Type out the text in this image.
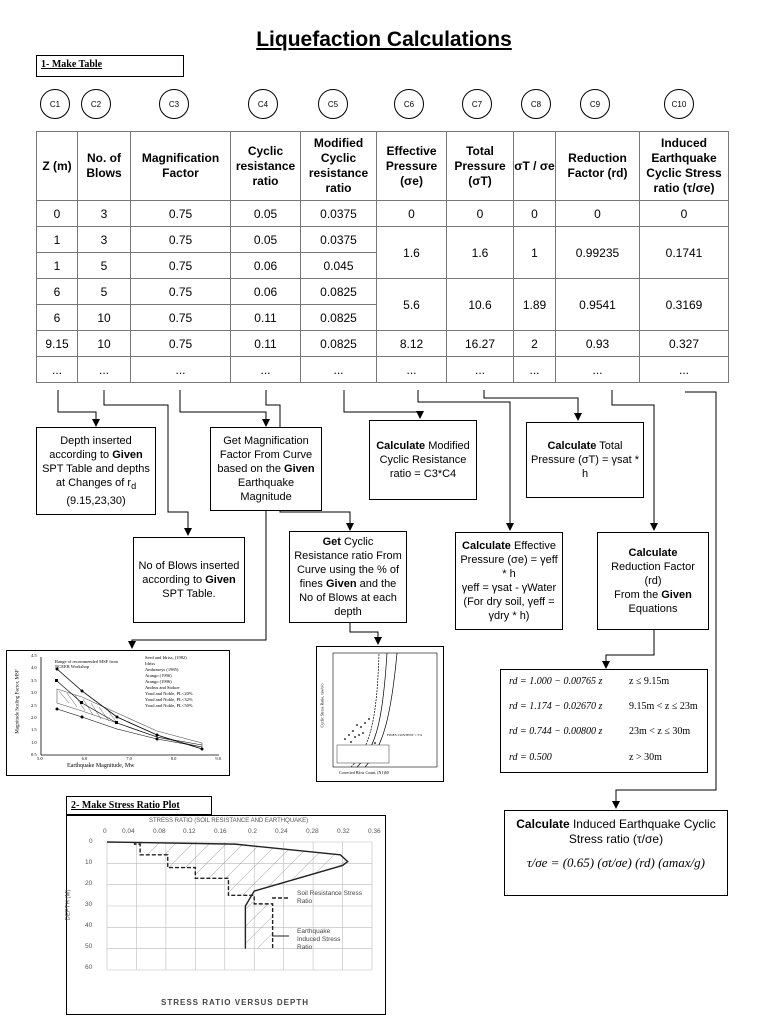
Liquefaction Calculations
1- Make Table
C1	C2	C3	C4	C5	C6	C7	C8	C9	C10
Z (m)	No. of Blows	Magnification Factor	Cyclic resistance ratio	Modified Cyclic resistance ratio	Effective Pressure (σe)	Total Pressure (σT)	σT / σe	Reduction Factor (rd)	Induced Earthquake Cyclic Stress ratio (τ/σe)
0	3	0.75	0.05	0.0375	0	0	0	0	0
1	3	0.75	0.05	0.0375	1.6	1.6	1	0.99235	0.1741
1	5	0.75	0.06	0.045					
6	5	0.75	0.06	0.0825	5.6	10.6	1.89	0.9541	0.3169
6	10	0.75	0.11	0.0825					
9.15	10	0.75	0.11	0.0825	8.12	16.27	2	0.93	0.327
...	...	...	...	...	...	...	...	...	...
Depth inserted according to Given SPT Table and depths at Changes of $r_d$ (9.15,23,30)
No of Blows inserted according to Given SPT Table.
Get Magnification Factor From Curve based on the Given Earthquake Magnitude
Get Cyclic Resistance ratio From Curve using the % of fines Given and the No of Blows at each depth
Calculate Modified Cyclic Resistance ratio = C3*C4
Calculate Effective Pressure (σe) = γeff * h
γeff = γsat - γWater
(For dry soil, γeff = γdry * h)
Calculate Total Pressure (σT) = γsat * h
Calculate
Reduction Factor (rd)
From the Given Equations
rd = 1.000 − 0.00765 z	z ≤ 9.15m
rd = 1.174 − 0.02670 z	9.15m < z ≤ 23m
rd = 0.744 − 0.00800 z	23m < z ≤ 30m
rd = 0.500	z > 30m
Calculate Induced Earthquake Cyclic Stress ratio (τ/σe)
τ/σe = (0.65) (σt/σe) (rd) (amax/g)
Magnitude Scaling Factor, MSF
Earthquake Magnitude, Mw
Range of recommended MSF from NCEER Workshop
Seed and Idriss, (1982)
Idriss
Ambraseys (1985)
Arango (1996)
Arango (1996)
Andrus and Stokoe
Youd and Noble, PL<20%
Youd and Noble, PL<32%
Youd and Noble, PL<50%
5.0	6.0	7.0	8.0	9.0
4.5
4.0
3.5
3.0
2.5
2.0
1.5
1.0
0.5
Cyclic Stress Ratio, τav/σ'o
Corrected Blow Count, (N1)60
FINES CONTENT ≥ 5%
2- Make Stress Ratio Plot
STRESS RATIO (SOIL RESISTANCE AND EARTHQUAKE)
STRESS RATIO VERSUS DEPTH
DEPTH (M)	Soil Resistance Stress Ratio
Earthquake Induced Stress Ratio
0 0.04	0.08	0.12	0.16	0.2	0.24	0.28	0.32	0.36
0
10
20
30
40
50
60
